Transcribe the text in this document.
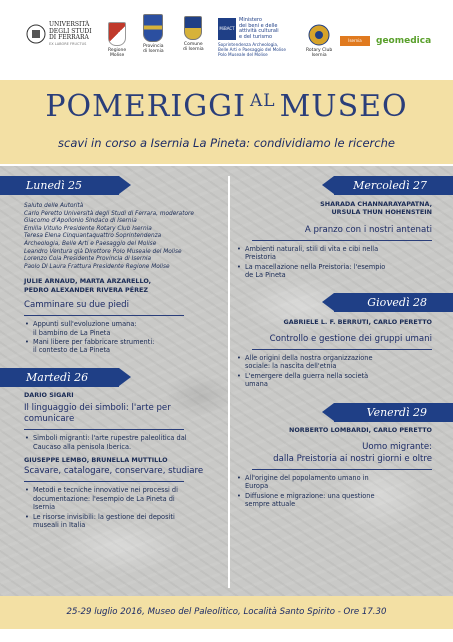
UNIVERSITÀ
DEGLI STUDI
DI FERRARA
EX LABORE FRUCTUS
Regione
Molise
Provincia
di Isernia
Comune
di Isernia
MiBACT
Ministero
dei beni e delle
attività culturali
e del turismo
Soprintendenza Archeologia,
Belle Arti e Paesaggio del Molise
Polo Museale del Molise
Rotary Club
Isernia
Isernia	geomedica
POMERIGGI $^{AL}$ MUSEO
scavi in corso a Isernia La Pineta: condividiamo le ricerche
Lunedì 25
Saluto delle Autorità
Carlo Peretto Università degli Studi di Ferrara, moderatore
Giacomo d'Apollonio Sindaco di Isernia
Emilia Vitullo Presidente Rotary Club Isernia
Teresa Elena Cinquantaquattro Soprintendenza
Archeologia, Belle Arti e Paesaggio del Molise
Leandro Ventura già Direttore Polo Museale del Molise
Lorenzo Coia Presidente Provincia di Isernia
Paolo Di Laura Frattura Presidente Regione Molise
JULIE ARNAUD, MARTA ARZARELLO,
PEDRO ALEXANDER RIVERA PÉREZ
Camminare su due piedi
• Appunti sull'evoluzione umana:
il bambino de La Pineta
• Mani libere per fabbricare strumenti:
il contesto de La Pineta
Martedì 26
DARIO SIGARI
Il linguaggio dei simboli: l'arte per
comunicare
• Simboli migranti: l'arte rupestre paleolitica dal
Caucaso alla penisola Iberica.
GIUSEPPE LEMBO, BRUNELLA MUTTILLO
Scavare, catalogare, conservare, studiare
• Metodi e tecniche innovative nei processi di
documentazione: l'esempio de La Pineta di
Isernia
• Le risorse invisibili: la gestione dei depositi
museali in Italia
Mercoledì 27
SHARADA CHANNARAYAPATNA,
URSULA THUN HOHENSTEIN
A pranzo con i nostri antenati
• Ambienti naturali, stili di vita e cibi nella
Preistoria
• La macellazione nella Preistoria: l'esempio
de La Pineta
Giovedì 28
GABRIELE L. F. BERRUTI, CARLO PERETTO
Controllo e gestione dei gruppi umani
• Alle origini della nostra organizzazione
sociale: la nascita dell'etnia
• L'emergere della guerra nella società
umana
Venerdì 29
NORBERTO LOMBARDI, CARLO PERETTO
Uomo migrante:
dalla Preistoria ai nostri giorni e oltre
• All'origine del popolamento umano in
Europa
• Diffusione e migrazione: una questione
sempre attuale
25-29 luglio 2016, Museo del Paleolitico, Località Santo Spirito - Ore 17.30
